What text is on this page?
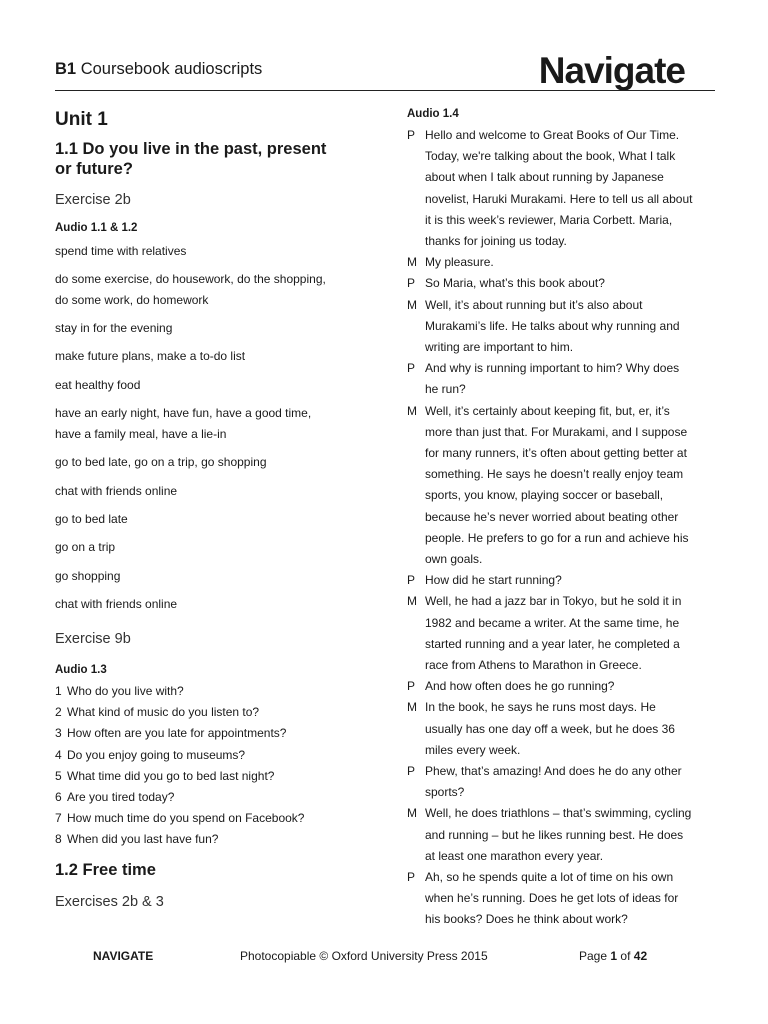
B1 Coursebook audioscripts	Navigate
Unit 1
1.1 Do you live in the past, present
or future?
Exercise 2b
Audio 1.1 & 1.2
spend time with relatives
do some exercise, do housework, do the shopping,
do some work, do homework
stay in for the evening
make future plans, make a to-do list
eat healthy food
have an early night, have fun, have a good time,
have a family meal, have a lie-in
go to bed late, go on a trip, go shopping
chat with friends online
go to bed late
go on a trip
go shopping
chat with friends online
Exercise 9b
Audio 1.3
1 Who do you live with?
2 What kind of music do you listen to?
3 How often are you late for appointments?
4 Do you enjoy going to museums?
5 What time did you go to bed last night?
6 Are you tired today?
7 How much time do you spend on Facebook?
8 When did you last have fun?
1.2 Free time
Exercises 2b & 3
Audio 1.4
P Hello and welcome to Great Books of Our Time.
Today, we're talking about the book, What I talk
about when I talk about running by Japanese
novelist, Haruki Murakami. Here to tell us all about
it is this week’s reviewer, Maria Corbett. Maria,
thanks for joining us today.
M My pleasure.
P So Maria, what’s this book about?
M Well, it’s about running but it’s also about
Murakami’s life. He talks about why running and
writing are important to him.
P And why is running important to him? Why does
he run?
M Well, it’s certainly about keeping fit, but, er, it’s
more than just that. For Murakami, and I suppose
for many runners, it’s often about getting better at
something. He says he doesn’t really enjoy team
sports, you know, playing soccer or baseball,
because he’s never worried about beating other
people. He prefers to go for a run and achieve his
own goals.
P How did he start running?
M Well, he had a jazz bar in Tokyo, but he sold it in
1982 and became a writer. At the same time, he
started running and a year later, he completed a
race from Athens to Marathon in Greece.
P And how often does he go running?
M In the book, he says he runs most days. He
usually has one day off a week, but he does 36
miles every week.
P Phew, that’s amazing! And does he do any other
sports?
M Well, he does triathlons – that’s swimming, cycling
and running – but he likes running best. He does
at least one marathon every year.
P Ah, so he spends quite a lot of time on his own
when he’s running. Does he get lots of ideas for
his books? Does he think about work?
NAVIGATE	Photocopiable © Oxford University Press 2015	Page 1 of 42
